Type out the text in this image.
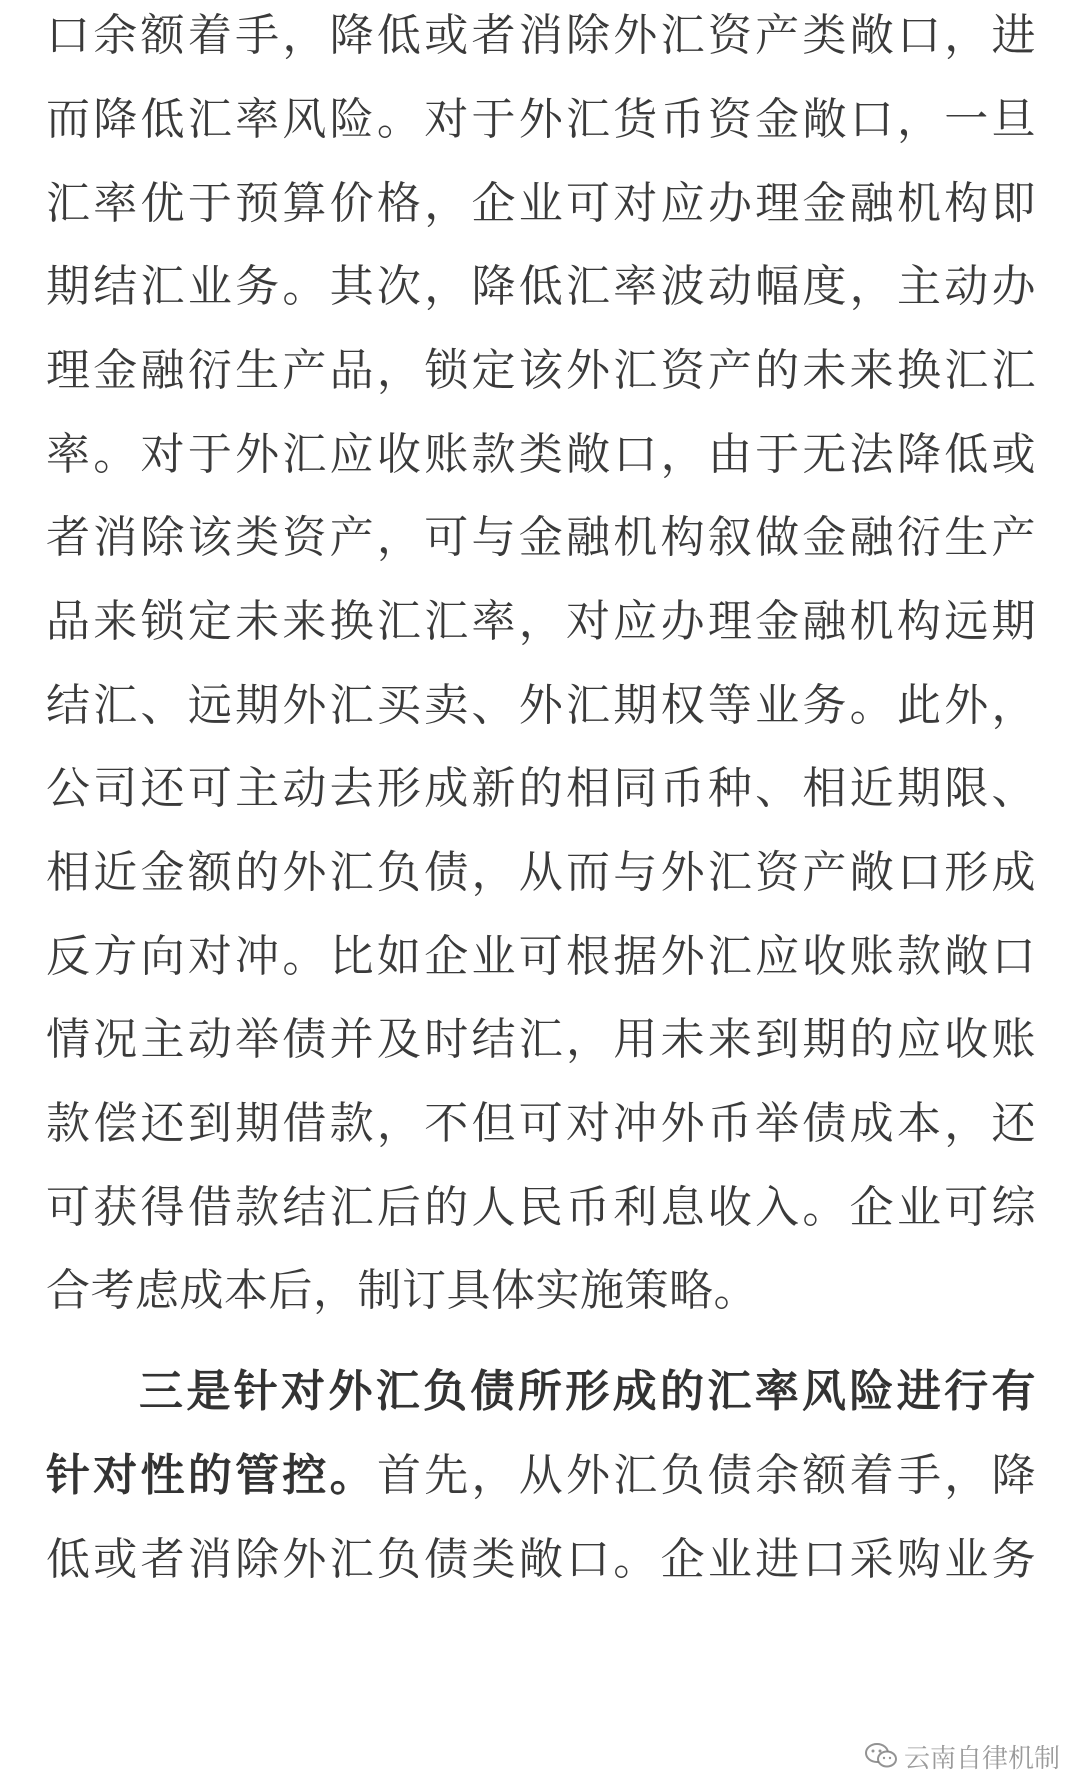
口余额着手，降低或者消除外汇资产类敞口，进
而降低汇率风险。对于外汇货币资金敞口，一旦
汇率优于预算价格，企业可对应办理金融机构即
期结汇业务。其次，降低汇率波动幅度，主动办
理金融衍生产品，锁定该外汇资产的未来换汇汇
率。对于外汇应收账款类敞口，由于无法降低或
者消除该类资产，可与金融机构叙做金融衍生产
品来锁定未来换汇汇率，对应办理金融机构远期
结汇、远期外汇买卖、外汇期权等业务。此外，
公司还可主动去形成新的相同币种、相近期限、
相近金额的外汇负债，从而与外汇资产敞口形成
反方向对冲。比如企业可根据外汇应收账款敞口
情况主动举债并及时结汇，用未来到期的应收账
款偿还到期借款，不但可对冲外币举债成本，还
可获得借款结汇后的人民币利息收入。企业可综
合考虑成本后，制订具体实施策略。
三是针对外汇负债所形成的汇率风险进行有
针对性的管控。首先，从外汇负债余额着手，降
低或者消除外汇负债类敞口。企业进口采购业务
云南自律机制
